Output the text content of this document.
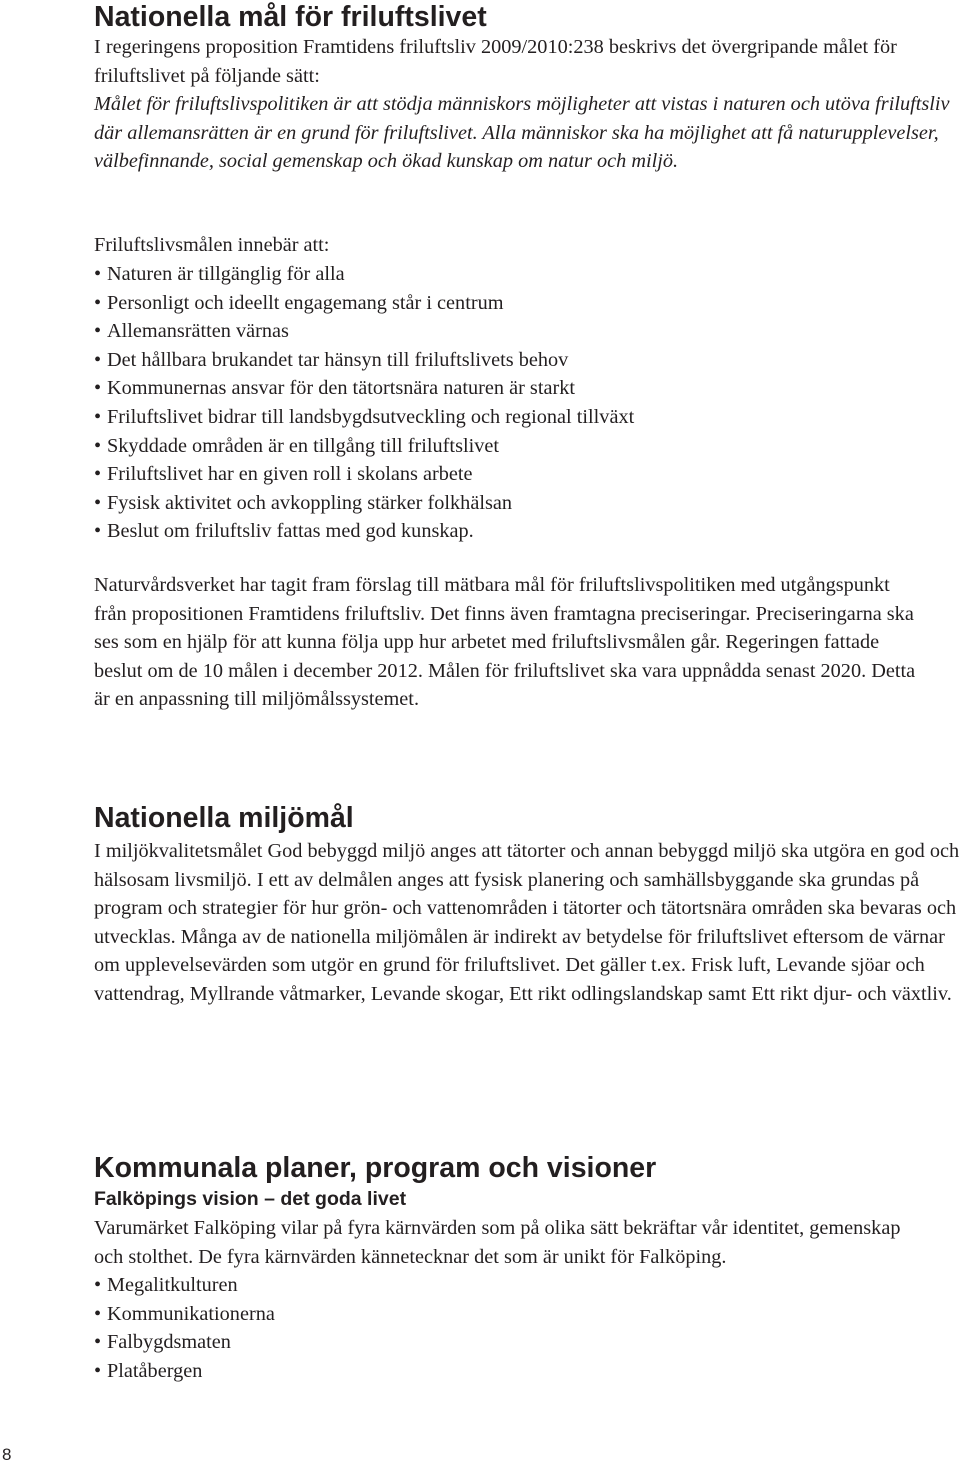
Nationella mål för friluftslivet

I regeringens proposition Framtidens friluftsliv 2009/2010:238 beskrivs det övergripande målet för friluftslivet på följande sätt:

Målet för friluftslivspolitiken är att stödja människors möjligheter att vistas i naturen och utöva friluftsliv där allemansrätten är en grund för friluftslivet. Alla människor ska ha möjlighet att få naturupplevelser, välbefinnande, social gemenskap och ökad kunskap om natur och miljö.

Friluftslivsmålen innebär att:

• Naturen är tillgänglig för alla
• Personligt och ideellt engagemang står i centrum
• Allemansrätten värnas
• Det hållbara brukandet tar hänsyn till friluftslivets behov
• Kommunernas ansvar för den tätortsnära naturen är starkt
• Friluftslivet bidrar till landsbygdsutveckling och regional tillväxt
• Skyddade områden är en tillgång till friluftslivet
• Friluftslivet har en given roll i skolans arbete
• Fysisk aktivitet och avkoppling stärker folkhälsan
• Beslut om friluftsliv fattas med god kunskap.

Naturvårdsverket har tagit fram förslag till mätbara mål för friluftslivspolitiken med utgångspunkt från propositionen Framtidens friluftsliv. Det finns även framtagna preciseringar. Preciseringarna ska ses som en hjälp för att kunna följa upp hur arbetet med friluftslivsmålen går. Regeringen fattade beslut om de 10 målen i december 2012. Målen för friluftslivet ska vara uppnådda senast 2020. Detta är en anpassning till miljömålssystemet.

Nationella miljömål

I miljökvalitetsmålet God bebyggd miljö anges att tätorter och annan bebyggd miljö ska utgöra en god och hälsosam livsmiljö. I ett av delmålen anges att fysisk planering och samhällsbyggande ska grundas på program och strategier för hur grön- och vattenområden i tätorter och tätortsnära områden ska bevaras och utvecklas. Många av de nationella miljömålen är indirekt av betydelse för friluftslivet eftersom de värnar om upplevelsevärden som utgör en grund för friluftslivet. Det gäller t.ex. Frisk luft, Levande sjöar och vattendrag, Myllrande våtmarker, Levande skogar, Ett rikt odlingslandskap samt Ett rikt djur- och växtliv.

Kommunala planer, program och visioner
Falköpings vision – det goda livet

Varumärket Falköping vilar på fyra kärnvärden som på olika sätt bekräftar vår identitet, gemenskap och stolthet. De fyra kärnvärden kännetecknar det som är unikt för Falköping.

• Megalitkulturen
• Kommunikationerna
• Falbygdsmaten
• Platåbergen
8
